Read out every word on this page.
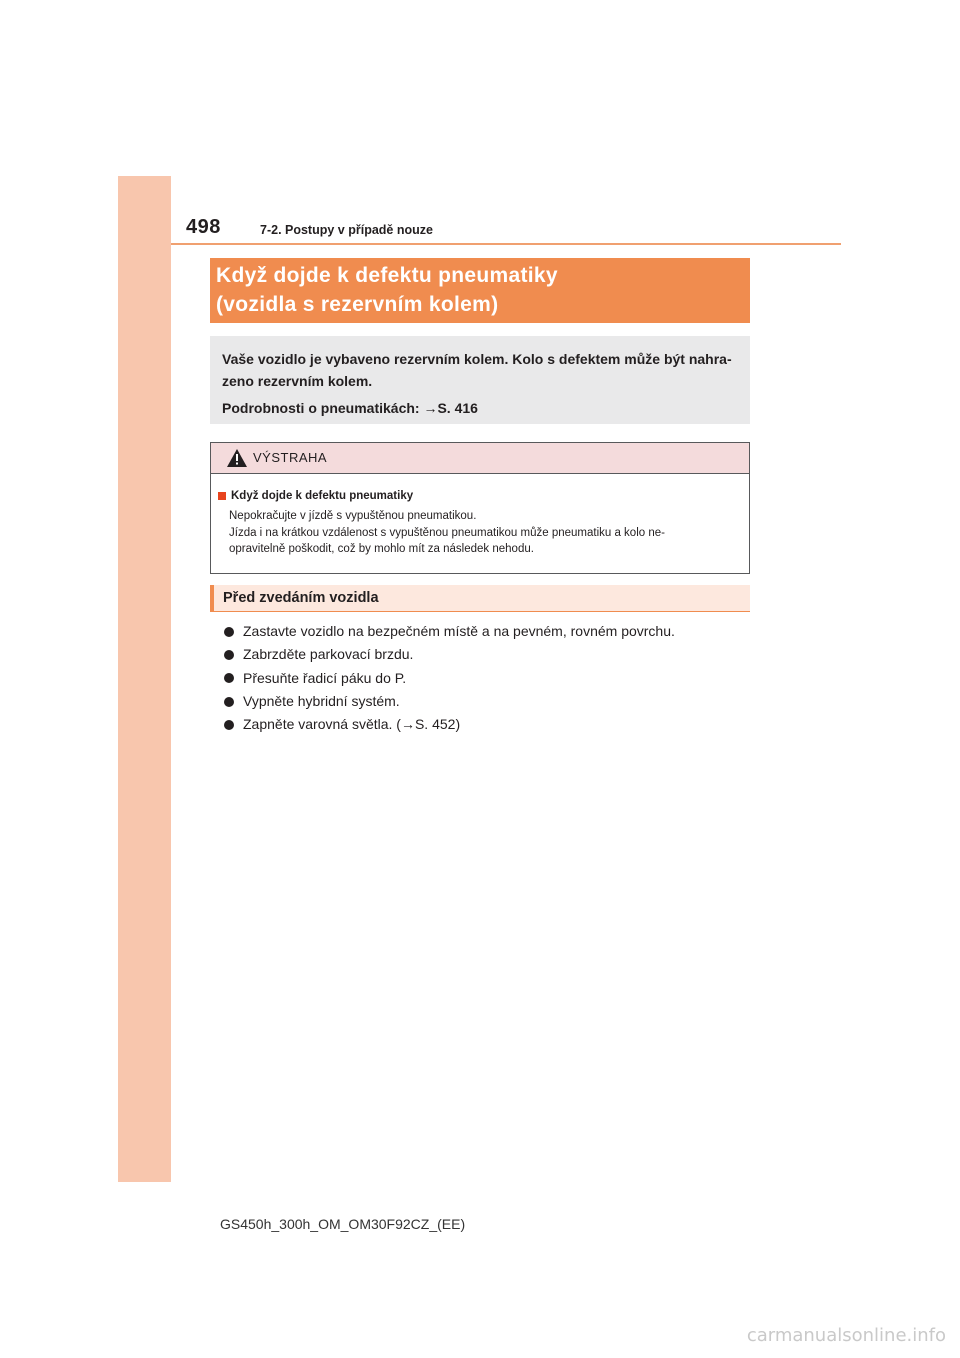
498	7-2. Postupy v případě nouze
Když dojde k defektu pneumatiky
(vozidla s rezervním kolem)
Vaše vozidlo je vybaveno rezervním kolem. Kolo s defektem může být nahra-
zeno rezervním kolem.
Podrobnosti o pneumatikách: →S. 416
VÝSTRAHA
Když dojde k defektu pneumatiky
Nepokračujte v jízdě s vypuštěnou pneumatikou.
Jízda i na krátkou vzdálenost s vypuštěnou pneumatikou může pneumatiku a kolo ne-
opravitelně poškodit, což by mohlo mít za následek nehodu.
Před zvedáním vozidla
Zastavte vozidlo na bezpečném místě a na pevném, rovném povrchu.
Zabrzděte parkovací brzdu.
Přesuňte řadicí páku do P.
Vypněte hybridní systém.
Zapněte varovná světla. (→S. 452)
GS450h_300h_OM_OM30F92CZ_(EE)
carmanualsonline.info
